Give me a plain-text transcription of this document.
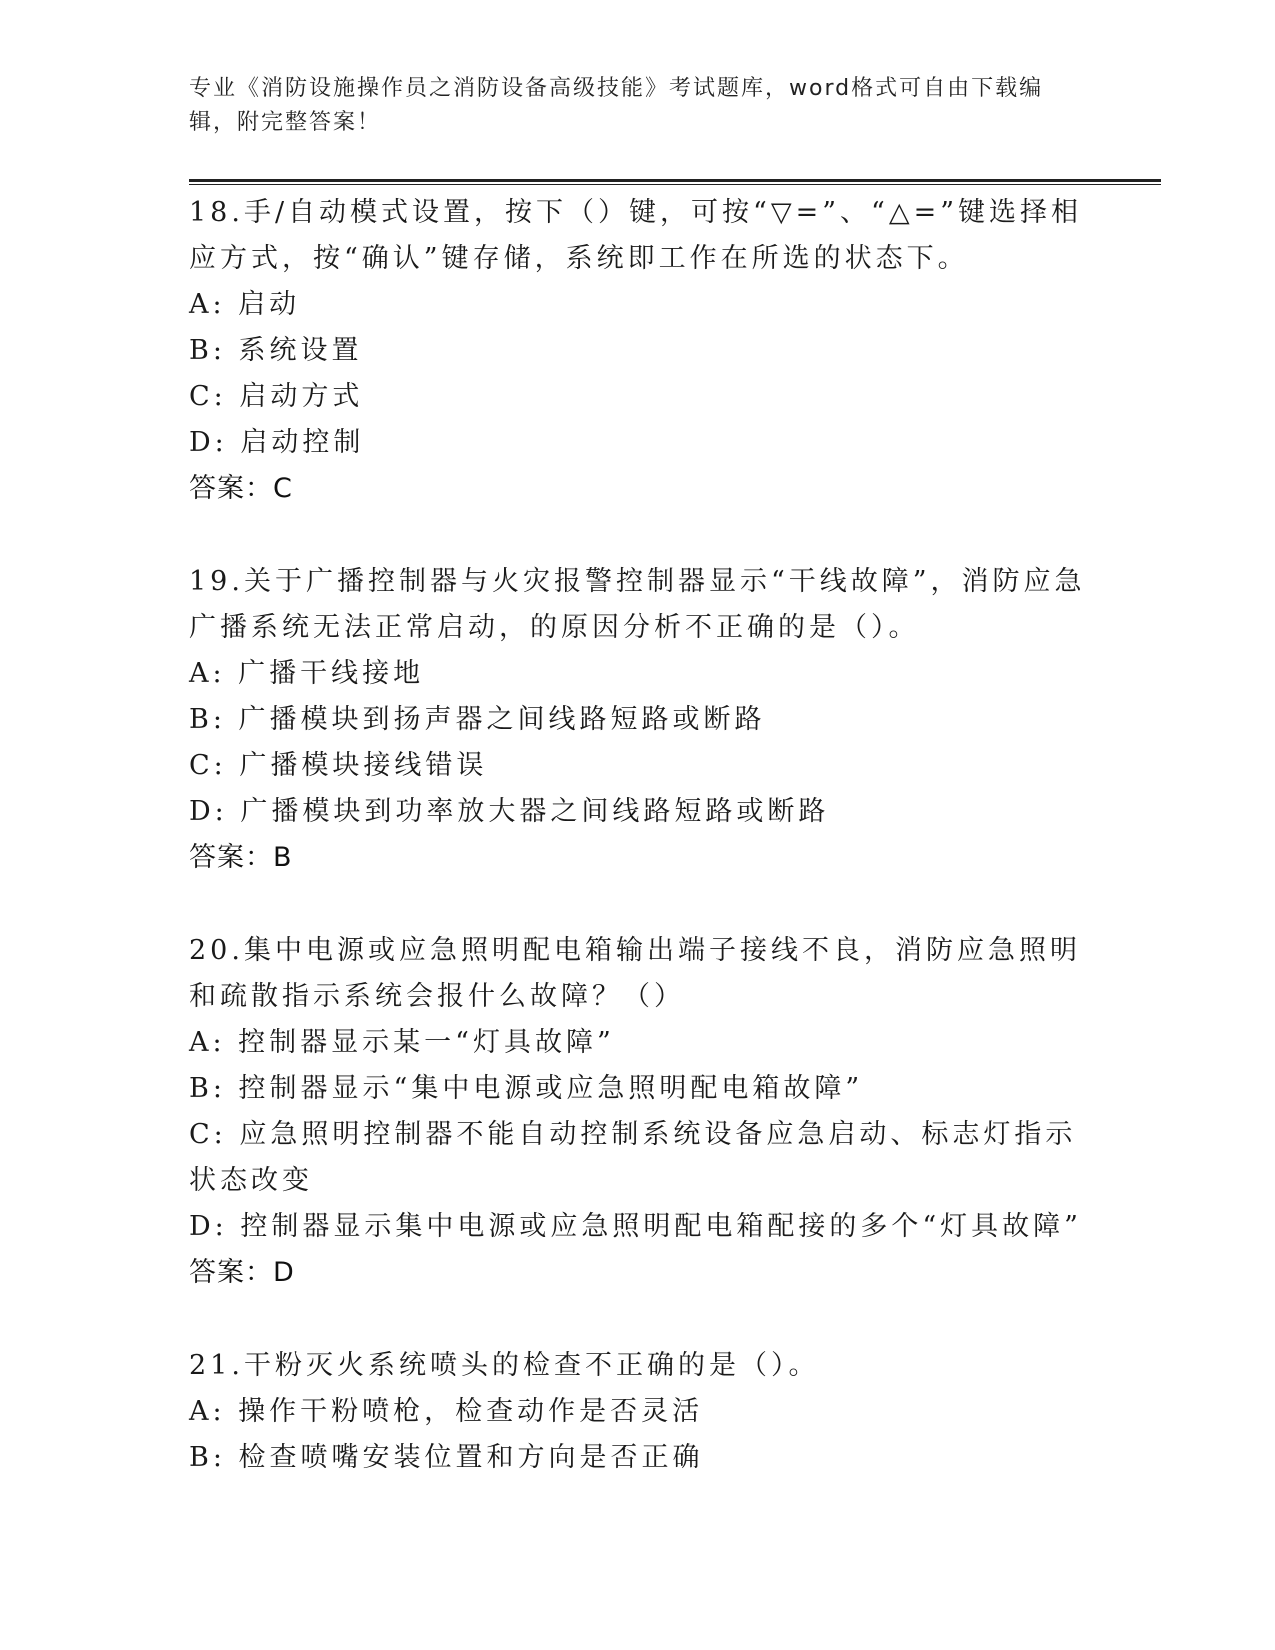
专业《消防设施操作员之消防设备高级技能》考试题库，word格式可自由下载编辑，附完整答案！
18.手/自动模式设置，按下（）键，可按“▽=”、“△=”键选择相应方式，按“确认”键存储，系统即工作在所选的状态下。
A: 启动
B: 系统设置
C: 启动方式
D: 启动控制
答案：C
19.关于广播控制器与火灾报警控制器显示“干线故障”，消防应急广播系统无法正常启动，的原因分析不正确的是（）。
A: 广播干线接地
B: 广播模块到扬声器之间线路短路或断路
C: 广播模块接线错误
D: 广播模块到功率放大器之间线路短路或断路
答案：B
20.集中电源或应急照明配电箱输出端子接线不良，消防应急照明和疏散指示系统会报什么故障？（）
A: 控制器显示某一“灯具故障”
B: 控制器显示“集中电源或应急照明配电箱故障”
C: 应急照明控制器不能自动控制系统设备应急启动、标志灯指示状态改变
D: 控制器显示集中电源或应急照明配电箱配接的多个“灯具故障”
答案：D
21.干粉灭火系统喷头的检查不正确的是（）。
A: 操作干粉喷枪，检查动作是否灵活
B: 检查喷嘴安装位置和方向是否正确
